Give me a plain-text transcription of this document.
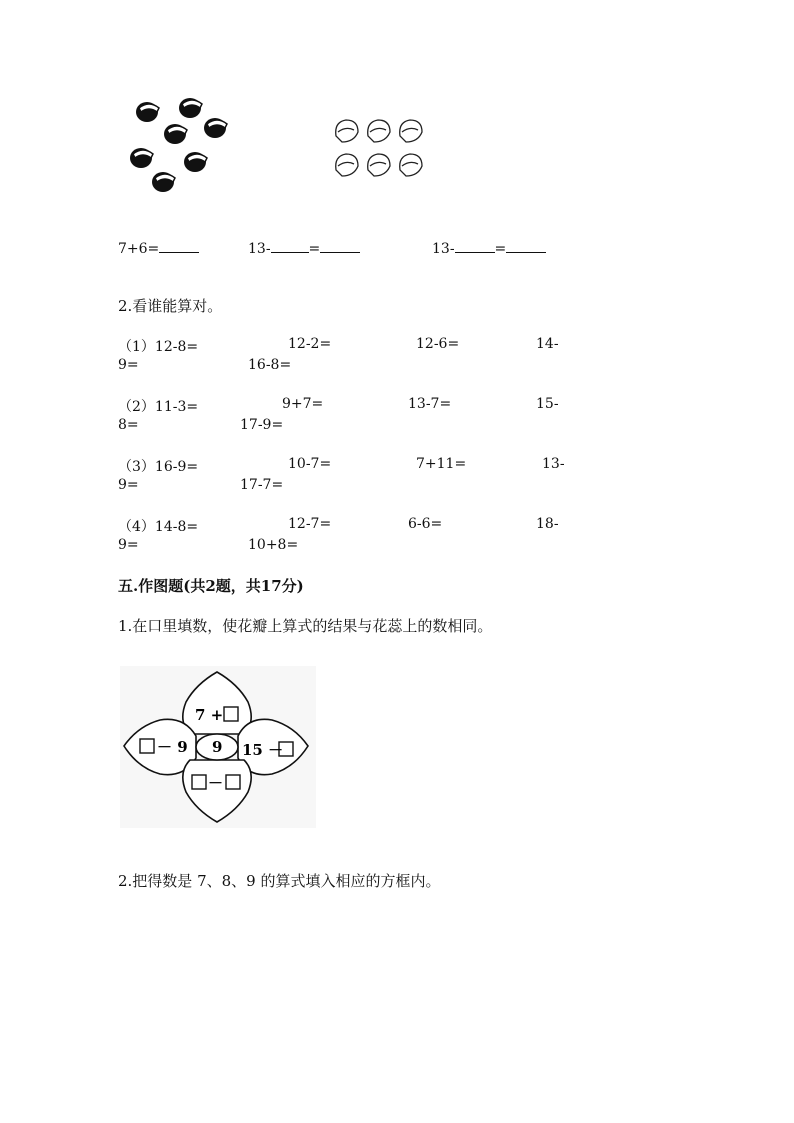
7+6=	13-	=	13-	=
2.看谁能算对。
（1）12-8=	12-2=	12-6=	14-
9=	16-8=
（2）11-3=	9+7=	13-7=	15-
8=	17-9=
（3）16-9=	10-7=	7+11=	13-
9=	17-7=
（4）14-8=	12-7=	6-6=	18-
9=	10+8=
五.作图题(共2题，共17分)
1.在口里填数，使花瓣上算式的结果与花蕊上的数相同。
7 +
－ 9	15 －
－
9
2.把得数是 7、8、9 的算式填入相应的方框内。
